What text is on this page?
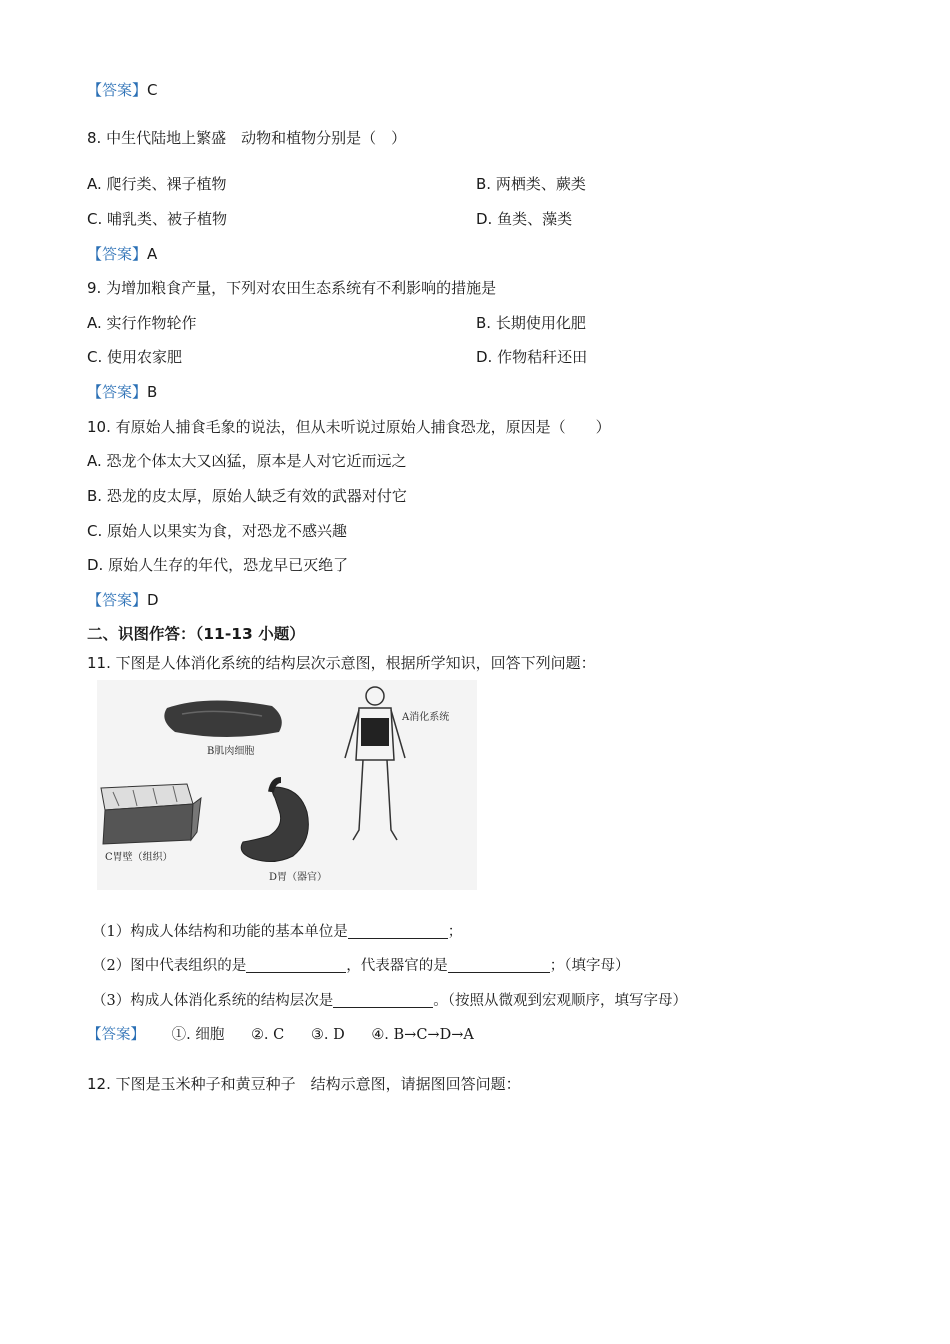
【答案】C
8. 中生代陆地上繁盛　动物和植物分别是（　）
A. 爬行类、裸子植物	B. 两栖类、蕨类
C. 哺乳类、被子植物	D. 鱼类、藻类
【答案】A
9. 为增加粮食产量，下列对农田生态系统有不利影响的措施是
A. 实行作物轮作	B. 长期使用化肥
C. 使用农家肥	D. 作物秸秆还田
【答案】B
10. 有原始人捕食毛象的说法，但从未听说过原始人捕食恐龙，原因是（　　）
A. 恐龙个体太大又凶猛，原本是人对它近而远之
B. 恐龙的皮太厚，原始人缺乏有效的武器对付它
C. 原始人以果实为食，对恐龙不感兴趣
D. 原始人生存的年代，恐龙早已灭绝了
【答案】D
二、识图作答：（11-13 小题）
11. 下图是人体消化系统的结构层次示意图，根据所学知识，回答下列问题：
B肌肉细胞
A消化系统
C胃壁（组织）
D胃（器官）
（1）构成人体结构和功能的基本单位是	；
（2）图中代表组织的是	，代表器官的是	；（填字母）
（3）构成人体消化系统的结构层次是	。（按照从微观到宏观顺序，填写字母）
【答案】 ①. 细胞 ②. C ③. D ④. B→C→D→A
12. 下图是玉米种子和黄豆种子　结构示意图，请据图回答问题：
